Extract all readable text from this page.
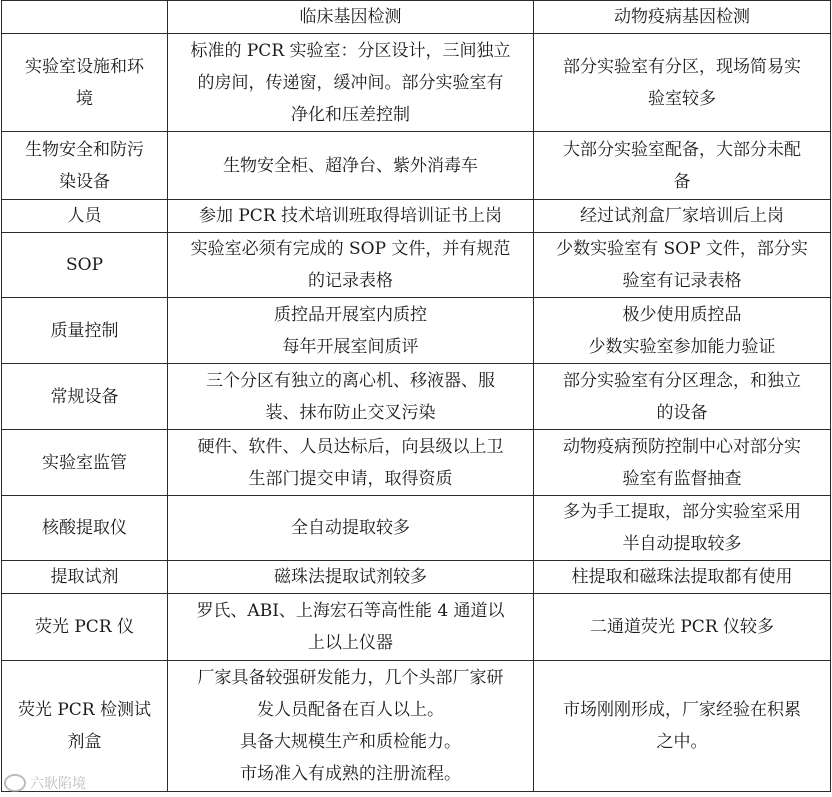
	临床基因检测	动物疫病基因检测

实验室设施和环
境	标准的 PCR 实验室：分区设计，三间独立
的房间，传递窗，缓冲间。部分实验室有
净化和压差控制	部分实验室有分区，现场简易实
验室较多

生物安全和防污
染设备	生物安全柜、超净台、紫外消毒车	大部分实验室配备，大部分未配
备

人员	参加 PCR 技术培训班取得培训证书上岗	经过试剂盒厂家培训后上岗

SOP	实验室必须有完成的 SOP 文件，并有规范
的记录表格	少数实验室有 SOP 文件，部分实
验室有记录表格

质量控制	质控品开展室内质控
每年开展室间质评	极少使用质控品
少数实验室参加能力验证

常规设备	三个分区有独立的离心机、移液器、服
装、抹布防止交叉污染	部分实验室有分区理念，和独立
的设备

实验室监管	硬件、软件、人员达标后，向县级以上卫
生部门提交申请，取得资质	动物疫病预防控制中心对部分实
验室有监督抽查

核酸提取仪	全自动提取较多	多为手工提取，部分实验室采用
半自动提取较多

提取试剂	磁珠法提取试剂较多	柱提取和磁珠法提取都有使用

荧光 PCR 仪	罗氏、ABI、上海宏石等高性能 4 通道以
上以上仪器	二通道荧光 PCR 仪较多

荧光 PCR 检测试
剂盒	厂家具备较强研发能力，几个头部厂家研
发人员配备在百人以上。
具备大规模生产和质检能力。
市场准入有成熟的注册流程。	市场刚刚形成，厂家经验在积累
之中。
六耿陷境
